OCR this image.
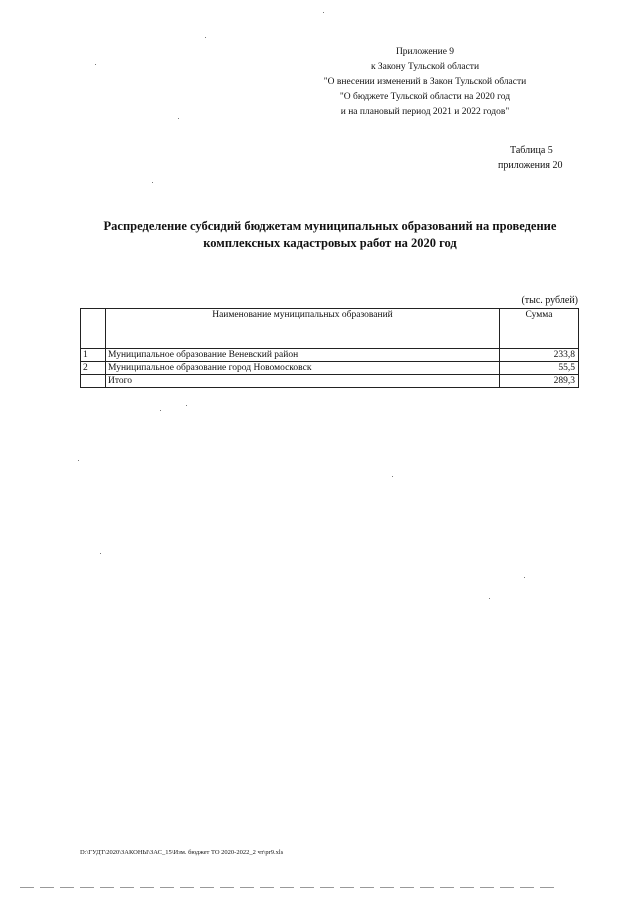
Приложение 9
к Закону Тульской области
"О внесении изменений в Закон Тульской области
"О бюджете Тульской области на 2020 год
и на плановый период 2021 и 2022 годов"
Таблица 5
приложения 20
Распределение субсидий бюджетам муниципальных образований на проведение
комплексных кадастровых работ на 2020 год
(тыс. рублей)
	Наименование муниципальных образований	Сумма
1	Муниципальное образование Веневский район	233,8
2	Муниципальное образование город Новомосковск	55,5
	Итого	289,3
D:\ГУДТ\2020\ЗАКОНЫ\ЗАС_15\Изм. бюджет ТО 2020-2022_2 чт\pr9.xls
